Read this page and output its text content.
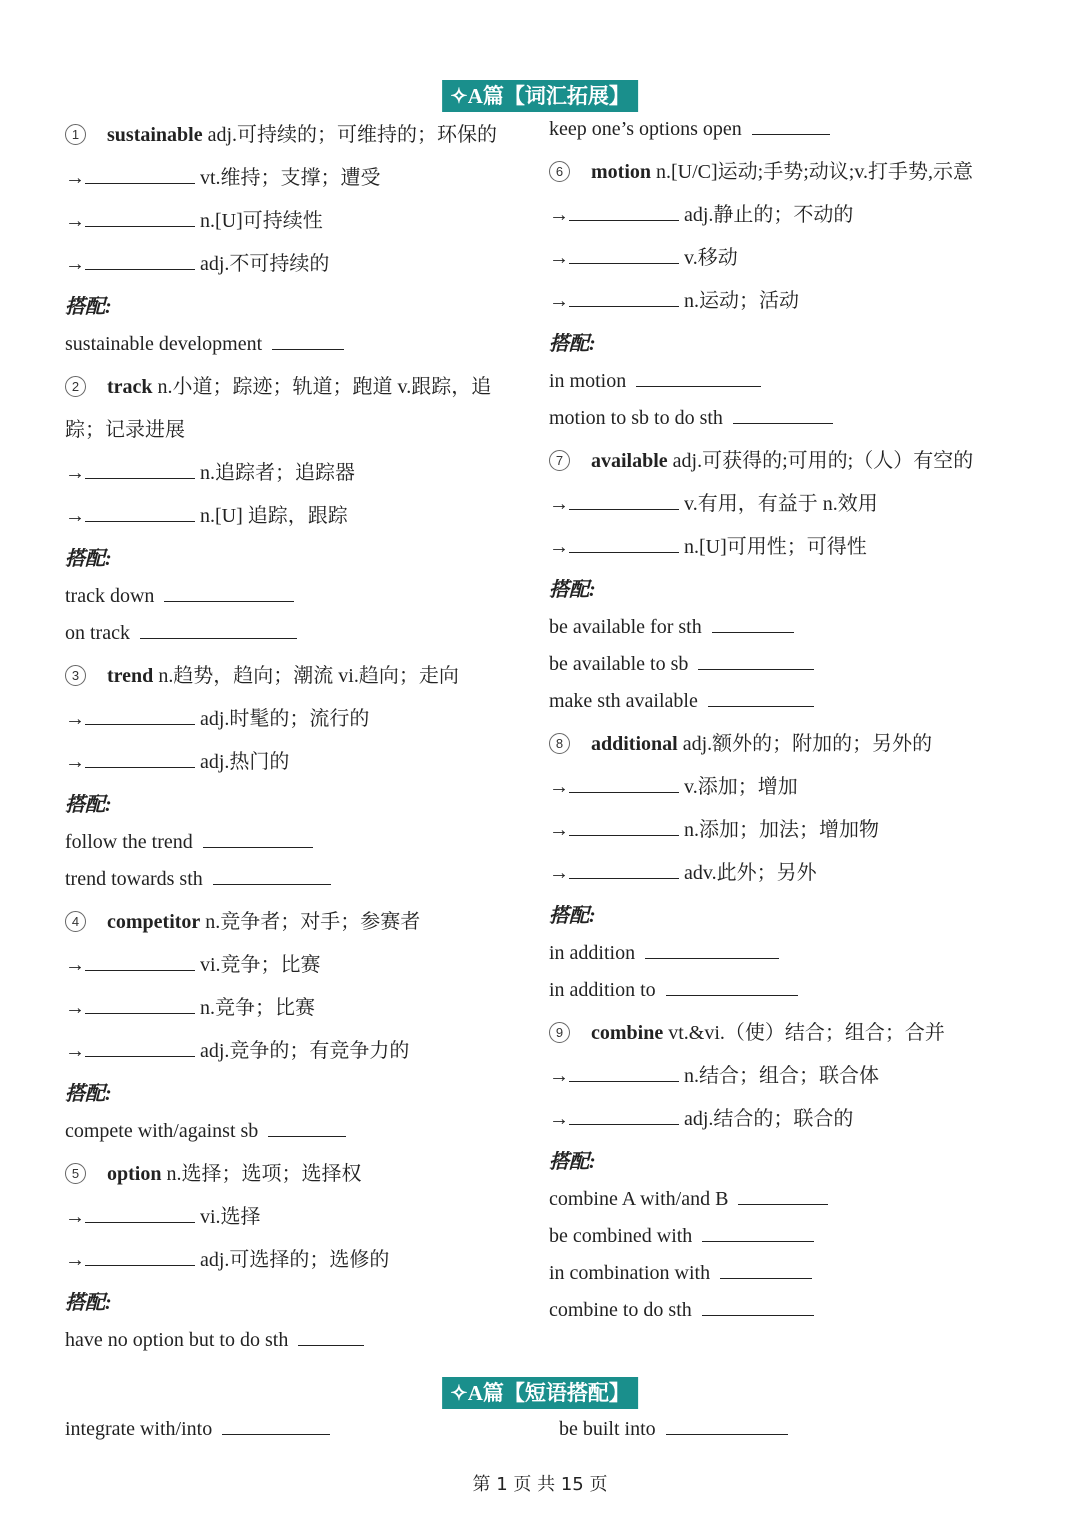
✧A篇【词汇拓展】
1 sustainable adj.可持续的；可维持的；环保的
→	vt.维持；支撑；遭受
→	n.[U]可持续性
→	adj.不可持续的
搭配:
sustainable development
2 track n.小道；踪迹；轨道；跑道 v.跟踪，追
踪；记录进展
→	n.追踪者；追踪器
→	n.[U] 追踪，跟踪
搭配:
track down
on track
3 trend n.趋势，趋向；潮流 vi.趋向；走向
→	adj.时髦的；流行的
→	adj.热门的
搭配:
follow the trend
trend towards sth
4 competitor n.竞争者；对手；参赛者
→	vi.竞争；比赛
→	n.竞争；比赛
→	adj.竞争的；有竞争力的
搭配:
compete with/against sb
5 option n.选择；选项；选择权
→	vi.选择
→	adj.可选择的；选修的
搭配:
have no option but to do sth
keep one’s options open
6 motion n.[U/C]运动;手势;动议;v.打手势,示意
→	adj.静止的；不动的
→	v.移动
→	n.运动；活动
搭配:
in motion
motion to sb to do sth
7 available adj.可获得的;可用的;（人）有空的
→	v.有用，有益于 n.效用
→	n.[U]可用性；可得性
搭配:
be available for sth
be available to sb
make sth available
8 additional adj.额外的；附加的；另外的
→	v.添加；增加
→	n.添加；加法；增加物
→	adv.此外；另外
搭配:
in addition
in addition to
9 combine vt.&vi.（使）结合；组合；合并
→	n.结合；组合；联合体
→	adj.结合的；联合的
搭配:
combine A with/and B
be combined with
in combination with
combine to do sth
✧A篇【短语搭配】
integrate with/into	be built into
第 1 页 共 15 页
